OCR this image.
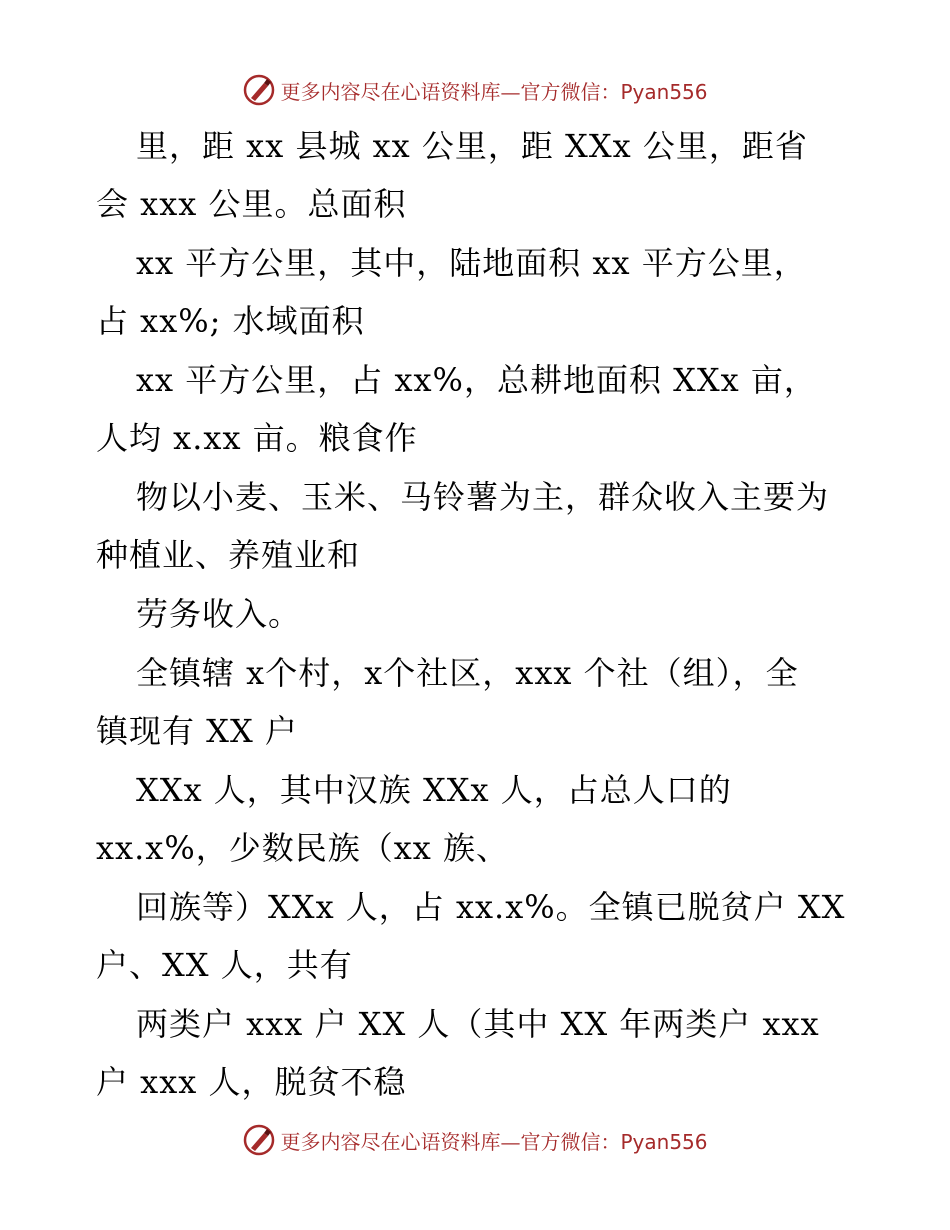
更多内容尽在心语资料库—官方微信：Pyan556
里，距 xx 县城 xx 公里，距 XXx 公里，距省
会 xxx 公里。总面积
xx 平方公里，其中，陆地面积 xx 平方公里，
占 xx%; 水域面积
xx 平方公里，占 xx%，总耕地面积 XXx 亩，
人均 x.xx 亩。粮食作
物以小麦、玉米、马铃薯为主，群众收入主要为
种植业、养殖业和
劳务收入。
全镇辖 x个村，x个社区，xxx 个社（组），全
镇现有 XX 户
XXx 人，其中汉族 XXx 人，占总人口的
xx.x%，少数民族（xx 族、
回族等）XXx 人，占 xx.x%。全镇已脱贫户 XX
户、XX 人，共有
两类户 xxx 户 XX 人（其中 XX 年两类户 xxx
户 xxx 人，脱贫不稳
更多内容尽在心语资料库—官方微信：Pyan556
